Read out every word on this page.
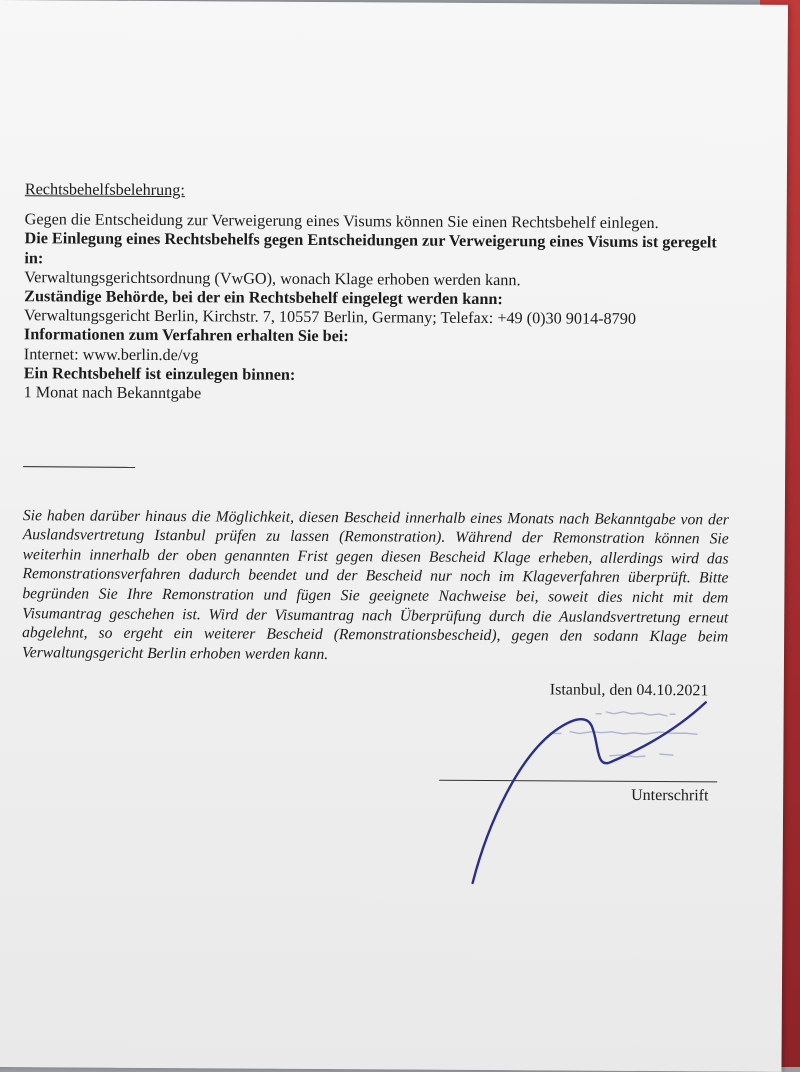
Rechtsbehelfsbelehrung:

Gegen die Entscheidung zur Verweigerung eines Visums können Sie einen Rechtsbehelf einlegen.

Die Einlegung eines Rechtsbehelfs gegen Entscheidungen zur Verweigerung eines Visums ist geregelt in:

Verwaltungsgerichtsordnung (VwGO), wonach Klage erhoben werden kann.

Zuständige Behörde, bei der ein Rechtsbehelf eingelegt werden kann:

Verwaltungsgericht Berlin, Kirchstr. 7, 10557 Berlin, Germany; Telefax: +49 (0)30 9014-8790

Informationen zum Verfahren erhalten Sie bei:

Internet: www.berlin.de/vg

Ein Rechtsbehelf ist einzulegen binnen:

1 Monat nach Bekanntgabe

Sie haben darüber hinaus die Möglichkeit, diesen Bescheid innerhalb eines Monats nach Bekanntgabe von der Auslandsvertretung Istanbul prüfen zu lassen (Remonstration). Während der Remonstration können Sie weiterhin innerhalb der oben genannten Frist gegen diesen Bescheid Klage erheben, allerdings wird das Remonstrationsverfahren dadurch beendet und der Bescheid nur noch im Klageverfahren überprüft. Bitte begründen Sie Ihre Remonstration und fügen Sie geeignete Nachweise bei, soweit dies nicht mit dem Visumantrag geschehen ist. Wird der Visumantrag nach Überprüfung durch die Auslandsvertretung erneut abgelehnt, so ergeht ein weiterer Bescheid (Remonstrationsbescheid), gegen den sodann Klage beim Verwaltungsgericht Berlin erhoben werden kann.

Istanbul, den 04.10.2021
Unterschrift
